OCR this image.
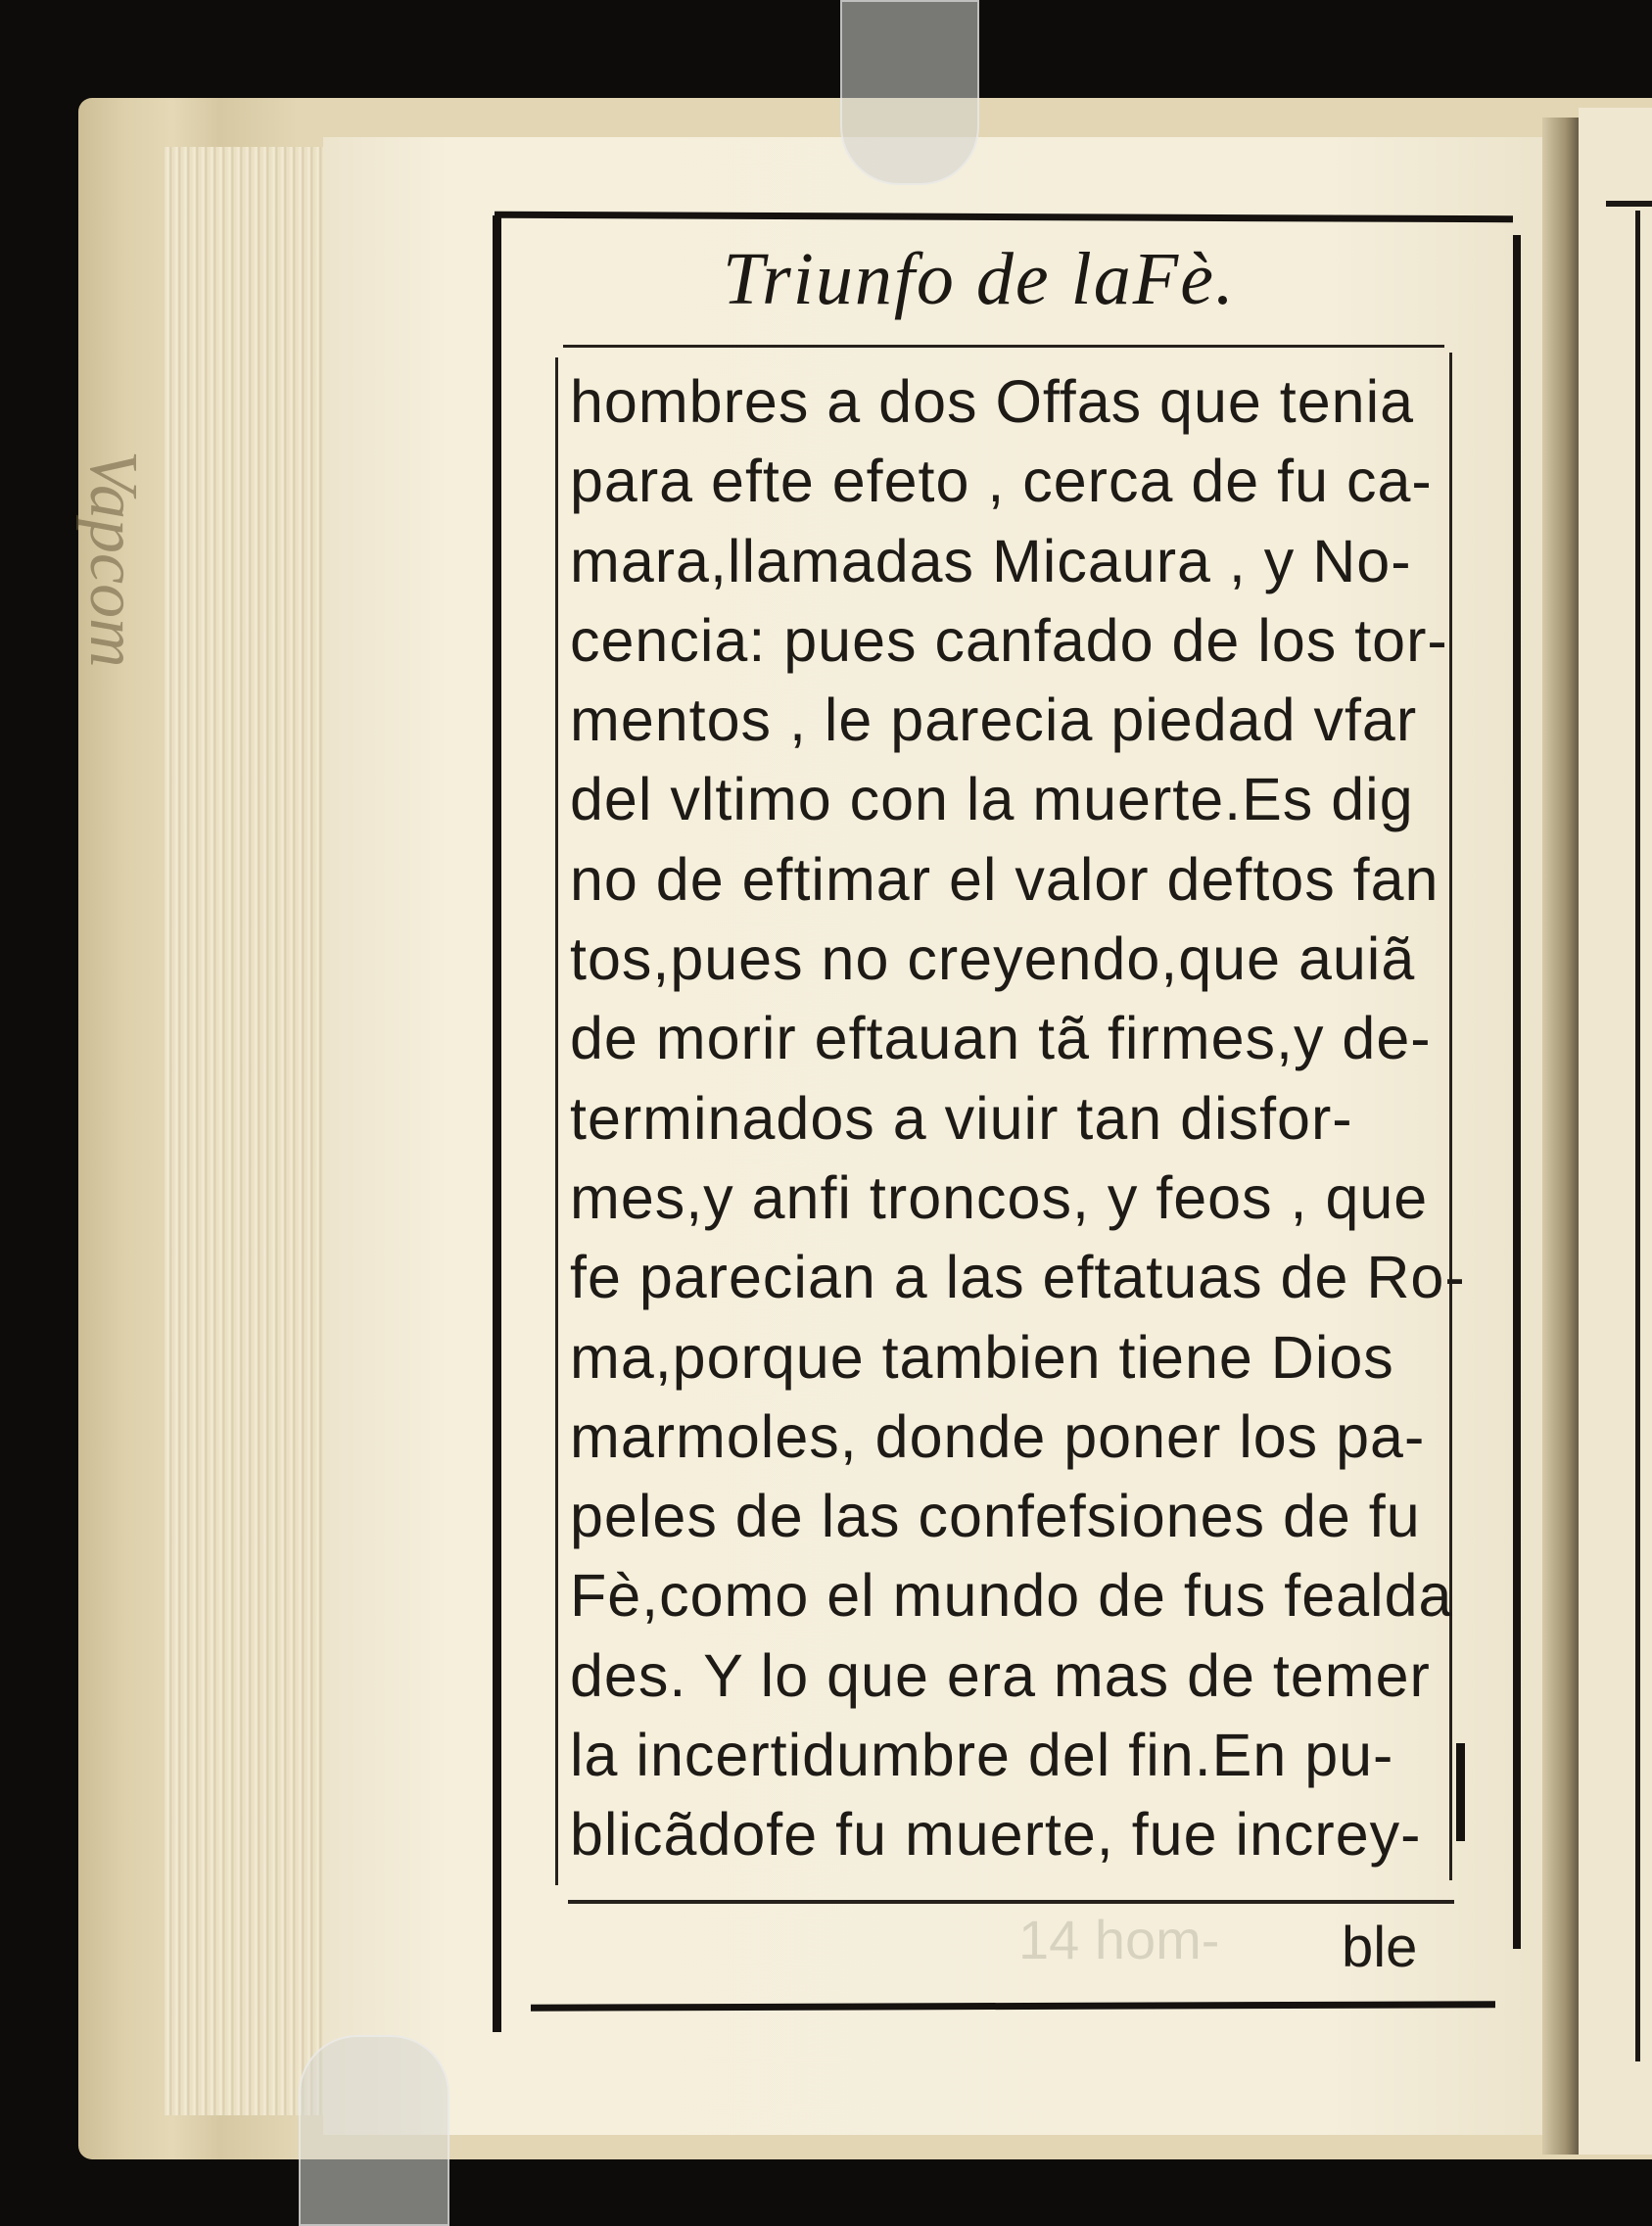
Vapcom
Triunfo de laFè.
hombres a dos Offas que tenia
para efte efeto , cerca de fu ca-
mara,llamadas Micaura , y No-
cencia: pues canfado de los tor-
mentos , le parecia piedad vfar
del vltimo con la muerte.Es dig
no de eftimar el valor deftos fan
tos,pues no creyendo,que auiã
de morir eftauan tã firmes,y de-
terminados a viuir tan disfor-
mes,y anfi troncos, y feos , que
fe parecian a las eftatuas de Ro-
ma,porque tambien tiene Dios
marmoles, donde poner los pa-
peles de las confefsiones de fu
Fè,como el mundo de fus fealda
des. Y lo que era mas de temer
la incertidumbre del fin.En pu-
blicãdofe fu muerte, fue increy-
14 hom-	ble
